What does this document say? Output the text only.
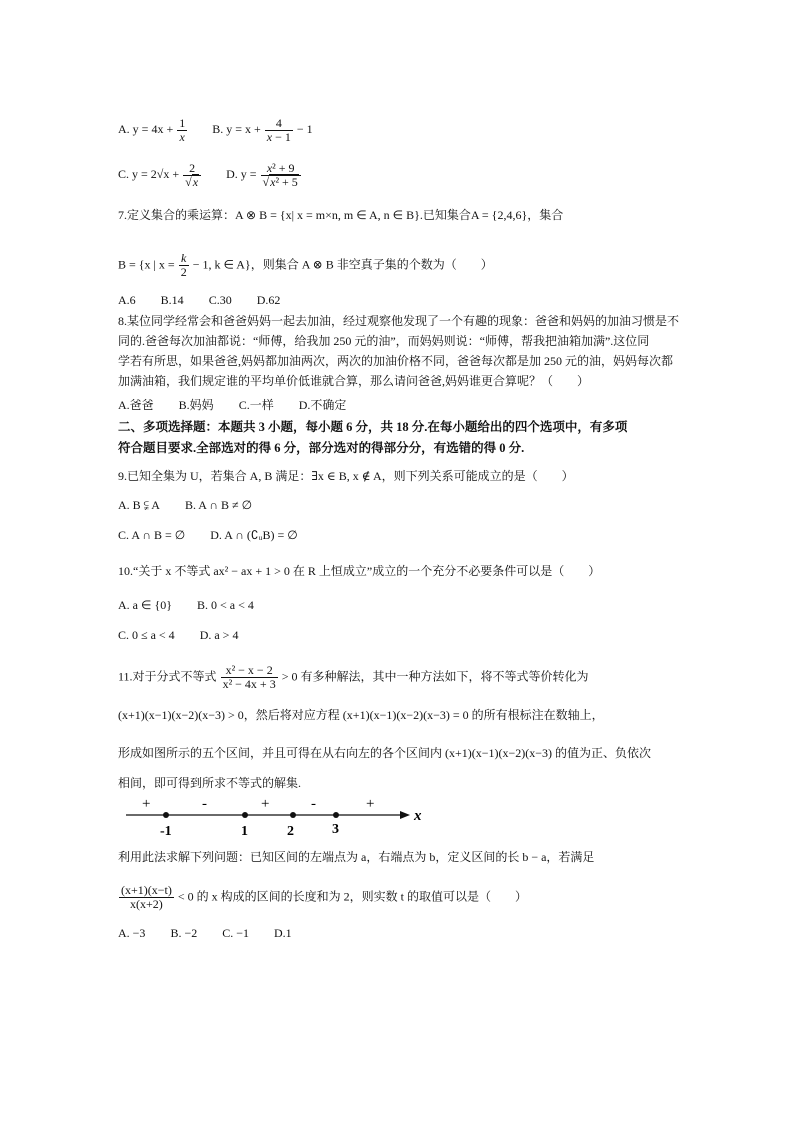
A. $y = 4x + \frac{1}{x} B$. $y = x + \frac{4}{x - 1} - 1$
C. $y = 2√x + \frac{2}{√x} D$. $y = \frac{\text{x² + 9}}{\text{√x² + 5}}$
7.定义集合的乘运算：A ⊗ B = {x| x = m×n, m ∈ A, n ∈ B}.已知集合A = {2,4,6}，集合
B = {x | $x = \frac{k}{2} - 1$, k ∈ A}，则集合 A ⊗ B 非空真子集的个数为（　　）
A.6 B.14 C.30 D.62
8.某位同学经常会和爸爸妈妈一起去加油，经过观察他发现了一个有趣的现象：爸爸和妈妈的加油习惯是不
同的.爸爸每次加油都说：“师傅，给我加 250 元的油”，而妈妈则说：“师傅，帮我把油箱加满”.这位同
学若有所思，如果爸爸,妈妈都加油两次，两次的加油价格不同，爸爸每次都是加 250 元的油，妈妈每次都
加满油箱，我们规定谁的平均单价低谁就合算，那么请问爸爸,妈妈谁更合算呢？（　　）
A.爸爸 B.妈妈 C.一样 D.不确定
二、多项选择题：本题共 3 小题，每小题 6 分，共 18 分.在每小题给出的四个选项中，有多项
符合题目要求.全部选对的得 6 分，部分选对的得部分分，有选错的得 0 分.
9.已知全集为 U，若集合 A, B 满足：∃x ∈ B, x ∉ A，则下列关系可能成立的是（　　）
A. B ⫋ A B. A ∩ B ≠ ∅
C. A ∩ B = ∅ D. A ∩ (∁ᵤB) = ∅
10.“关于 x 不等式 ax² − ax + 1 > 0 在 R 上恒成立”成立的一个充分不必要条件可以是（　　）
A. a ∈ {0} B. 0 < a < 4
C. 0 ≤ a < 4 D. a > 4
11.对于分式不等式 $\frac{\text{x² − x − 2}}{\text{x² − 4x + 3}} > 0$ 有多种解法，其中一种方法如下，将不等式等价转化为
(x+1)(x−1)(x−2)(x−3) > 0，然后将对应方程 (x+1)(x−1)(x−2)(x−3) = 0 的所有根标注在数轴上，
形成如图所示的五个区间，并且可得在从右向左的各个区间内 (x+1)(x−1)(x−2)(x−3) 的值为正、负依次
相间，即可得到所求不等式的解集.
x
-1	1	2	3
+	-	+	-	+
利用此法求解下列问题：已知区间的左端点为 a，右端点为 b，定义区间的长 b − a，若满足
$\frac{(x+1)(x-t)}{x(x+2)} < 0$ 的 x 构成的区间的长度和为 2，则实数 t 的取值可以是（　　）
A. −3 B. −2 C. −1 D.1
